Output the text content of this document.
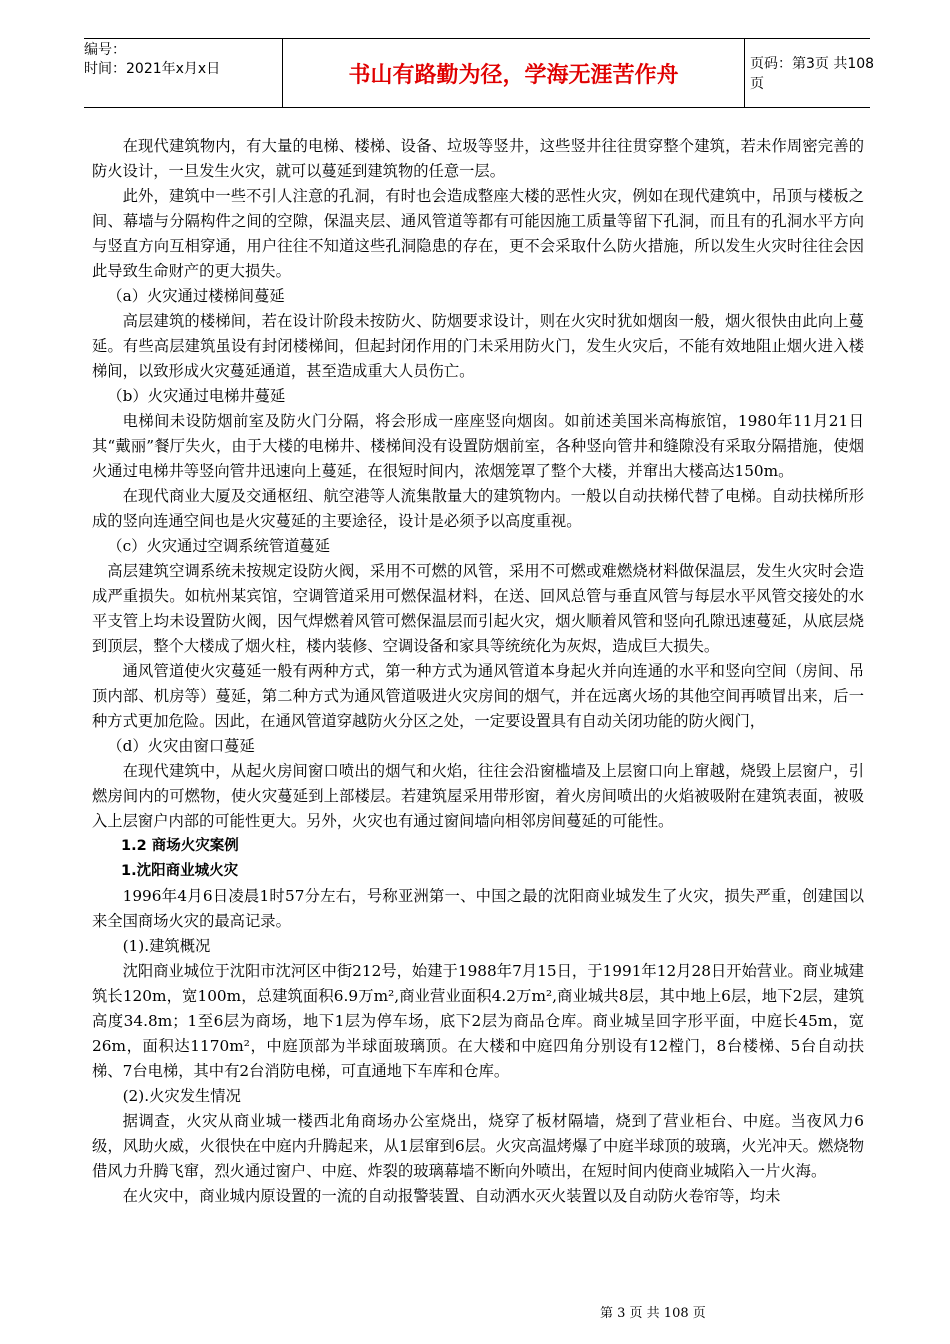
编号：
时间：2021年x月x日	书山有路勤为径，学海无涯苦作舟	页码：第3页 共108页

在现代建筑物内，有大量的电梯、楼梯、设备、垃圾等竖井，这些竖井往往贯穿整个建筑，若未作周密完善的防火设计，一旦发生火灾，就可以蔓延到建筑物的任意一层。

此外，建筑中一些不引人注意的孔洞，有时也会造成整座大楼的恶性火灾，例如在现代建筑中，吊顶与楼板之间、幕墙与分隔构件之间的空隙，保温夹层、通风管道等都有可能因施工质量等留下孔洞，而且有的孔洞水平方向与竖直方向互相穿通，用户往往不知道这些孔洞隐患的存在，更不会采取什么防火措施，所以发生火灾时往往会因此导致生命财产的更大损失。

（a）火灾通过楼梯间蔓延

高层建筑的楼梯间，若在设计阶段未按防火、防烟要求设计，则在火灾时犹如烟囱一般，烟火很快由此向上蔓延。有些高层建筑虽设有封闭楼梯间，但起封闭作用的门未采用防火门，发生火灾后，不能有效地阻止烟火进入楼梯间，以致形成火灾蔓延通道，甚至造成重大人员伤亡。

（b）火灾通过电梯井蔓延

电梯间未设防烟前室及防火门分隔，将会形成一座座竖向烟囱。如前述美国米高梅旅馆，1980年11月21日其“戴丽”餐厅失火，由于大楼的电梯井、楼梯间没有设置防烟前室，各种竖向管井和缝隙没有采取分隔措施，使烟火通过电梯井等竖向管井迅速向上蔓延，在很短时间内，浓烟笼罩了整个大楼，并窜出大楼高达150m。

在现代商业大厦及交通枢纽、航空港等人流集散量大的建筑物内。一般以自动扶梯代替了电梯。自动扶梯所形成的竖向连通空间也是火灾蔓延的主要途径，设计是必须予以高度重视。

（c）火灾通过空调系统管道蔓延

高层建筑空调系统未按规定设防火阀，采用不可燃的风管，采用不可燃或难燃烧材料做保温层，发生火灾时会造成严重损失。如杭州某宾馆，空调管道采用可燃保温材料，在送、回风总管与垂直风管与每层水平风管交接处的水平支管上均未设置防火阀，因气焊燃着风管可燃保温层而引起火灾，烟火顺着风管和竖向孔隙迅速蔓延，从底层烧到顶层，整个大楼成了烟火柱，楼内装修、空调设备和家具等统统化为灰烬，造成巨大损失。

通风管道使火灾蔓延一般有两种方式，第一种方式为通风管道本身起火并向连通的水平和竖向空间（房间、吊顶内部、机房等）蔓延，第二种方式为通风管道吸进火灾房间的烟气，并在远离火场的其他空间再喷冒出来，后一种方式更加危险。因此，在通风管道穿越防火分区之处，一定要设置具有自动关闭功能的防火阀门，

（d）火灾由窗口蔓延

在现代建筑中，从起火房间窗口喷出的烟气和火焰，往往会沿窗槛墙及上层窗口向上窜越，烧毁上层窗户，引燃房间内的可燃物，使火灾蔓延到上部楼层。若建筑屋采用带形窗，着火房间喷出的火焰被吸附在建筑表面，被吸入上层窗户内部的可能性更大。另外，火灾也有通过窗间墙向相邻房间蔓延的可能性。

1.2 商场火灾案例

1.沈阳商业城火灾

1996年4月6日凌晨1时57分左右，号称亚洲第一、中国之最的沈阳商业城发生了火灾，损失严重，创建国以来全国商场火灾的最高记录。

(1).建筑概况

沈阳商业城位于沈阳市沈河区中街212号，始建于1988年7月15日，于1991年12月28日开始营业。商业城建筑长120m，宽100m，总建筑面积6.9万m²,商业营业面积4.2万m²,商业城共8层，其中地上6层，地下2层，建筑高度34.8m；1至6层为商场，地下1层为停车场，底下2层为商品仓库。商业城呈回字形平面，中庭长45m，宽26m，面积达1170m²，中庭顶部为半球面玻璃顶。在大楼和中庭四角分别设有12樘门，8台楼梯、5台自动扶梯、7台电梯，其中有2台消防电梯，可直通地下车库和仓库。

(2).火灾发生情况

据调查，火灾从商业城一楼西北角商场办公室烧出，烧穿了板材隔墙，烧到了营业柜台、中庭。当夜风力6级，风助火威，火很快在中庭内升腾起来，从1层窜到6层。火灾高温烤爆了中庭半球顶的玻璃，火光冲天。燃烧物借风力升腾飞窜，烈火通过窗户、中庭、炸裂的玻璃幕墙不断向外喷出，在短时间内使商业城陷入一片火海。

在火灾中，商业城内原设置的一流的自动报警装置、自动洒水灭火装置以及自动防火卷帘等，均未

第 3 页 共 108 页
